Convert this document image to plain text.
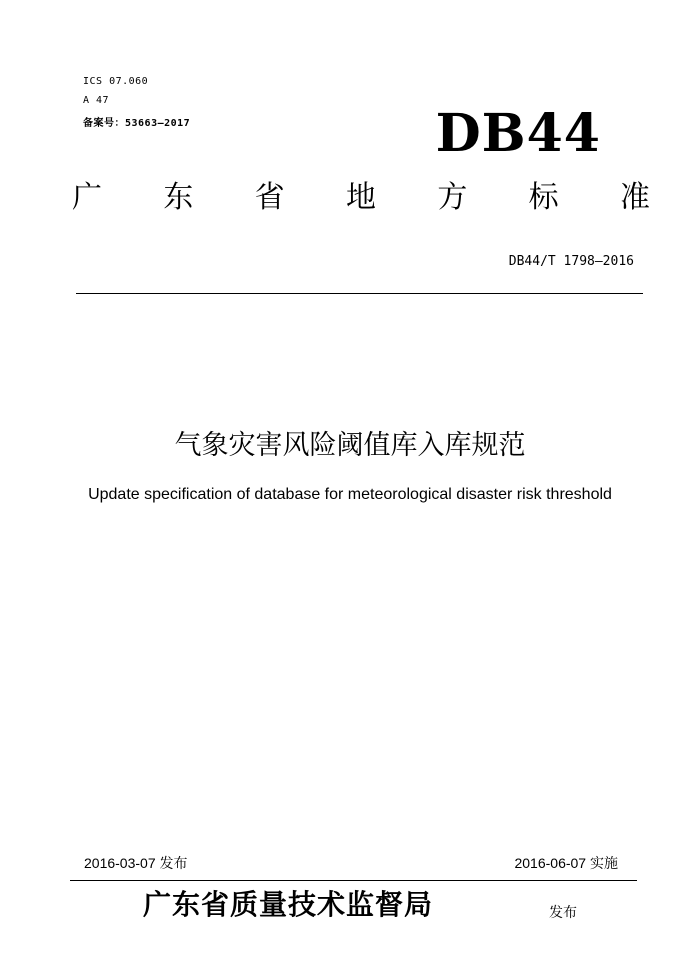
ICS 07.060
A 47
备案号：53663—2017	DB44
广 东 省 地 方 标 准
DB44/T 1798—2016
气象灾害风险阈值库入库规范
Update specification of database for meteorological disaster risk threshold
2016-03-07 发布	2016-06-07 实施
广东省质量技术监督局	发布
